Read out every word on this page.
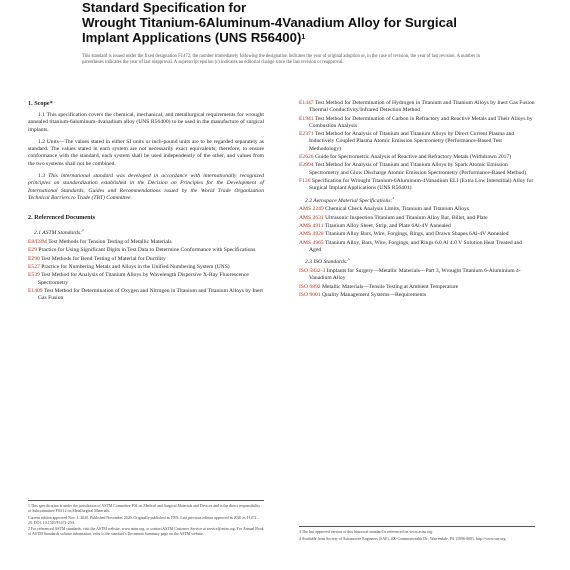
Standard Specification for
Wrought Titanium-6Aluminum-4Vanadium Alloy for Surgical
Implant Applications (UNS R56400)$^1$
This standard is issued under the fixed designation F1472; the number immediately following the designation indicates the year of original adoption or, in the case of revision, the year of last revision. A number in parentheses indicates the year of last reapproval. A superscript epsilon (ε) indicates an editorial change since the last revision or reapproval.
1. Scope*

1.1 This specification covers the chemical, mechanical, and metallurgical requirements for wrought annealed titanium-6aluminum-4vanadium alloy (UNS R56400) to be used in the manufacture of surgical implants.

1.2 Units—The values stated in either SI units or inch-pound units are to be regarded separately as standard. The values stated in each system are not necessarily exact equivalents; therefore, to ensure conformance with the standard, each system shall be used independently of the other, and values from the two systems shall not be combined.

1.3 This international standard was developed in accordance with internationally recognized principles on standardization established in the Decision on Principles for the Development of International Standards, Guides and Recommendations issued by the World Trade Organization Technical Barriers to Trade (TBT) Committee.

2. Referenced Documents
2.1 ASTM Standards:$^2$
E8/E8M Test Methods for Tension Testing of Metallic Materials
E29 Practice for Using Significant Digits in Test Data to Determine Conformance with Specifications
E290 Test Methods for Bend Testing of Material for Ductility
E527 Practice for Numbering Metals and Alloys in the Unified Numbering System (UNS)
E539 Test Method for Analysis of Titanium Alloys by Wavelength Dispersive X-Ray Fluorescence Spectrometry
E1409 Test Method for Determination of Oxygen and Nitrogen in Titanium and Titanium Alloys by Inert Gas Fusion
E1447 Test Method for Determination of Hydrogen in Titanium and Titanium Alloys by Inert Gas Fusion Thermal Conductivity/Infrared Detection Method
E1941 Test Method for Determination of Carbon in Refractory and Reactive Metals and Their Alloys by Combustion Analysis
E2371 Test Method for Analysis of Titanium and Titanium Alloys by Direct Current Plasma and Inductively Coupled Plasma Atomic Emission Spectrometry (Performance-Based Test Methodology)
E2626 Guide for Spectrometric Analysis of Reactive and Refractory Metals (Withdrawn 2017)
E2994 Test Method for Analysis of Titanium and Titanium Alloys by Spark Atomic Emission Spectrometry and Glow Discharge Atomic Emission Spectrometry (Performance-Based Method)
F136 Specification for Wrought Titanium-6Aluminum-4Vanadium ELI (Extra Low Interstitial) Alloy for Surgical Implant Applications (UNS R56401)
2.2 Aerospace Material Specifications:$^4$
AMS 2249 Chemical Check Analysis Limits, Titanium and Titanium Alloys
AMS 2631 Ultrasonic Inspection Titanium and Titanium Alloy Bar, Billet, and Plate
AMS 4911 Titanium Alloy Sheet, Strip, and Plate 6Al-4V Annealed
AMS 4928 Titanium Alloy Bars, Wire, Forgings, Rings, and Drawn Shapes 6Al-4V Annealed
AMS 4965 Titanium Alloy, Bars, Wire, Forgings, and Rings 6.0 Al 4.0 V Solution Heat Treated and Aged
2.3 ISO Standards:$^5$
ISO 5832-3 Implants for Surgery—Metallic Materials—Part 3, Wrought Titanium 6-Aluminium 4-Vanadium Alloy
ISO 6892 Metallic Materials—Tensile Testing at Ambient Temperature
ISO 9001 Quality Management Systems—Requirements
1 This specification is under the jurisdiction of ASTM Committee F04 on Medical and Surgical Materials and Devices and is the direct responsibility of Subcommittee F04.12 on Metallurgical Materials.
Current edition approved Nov. 1, 2020. Published November 2020. Originally published in 1993. Last previous edition approved in 2020 as F1472 – 20. DOI: 10.1520/F1472-20A.
2 For referenced ASTM standards, visit the ASTM website, www.astm.org, or contact ASTM Customer Service at service@astm.org. For Annual Book of ASTM Standards volume information, refer to the standard's Document Summary page on the ASTM website.	3 The last approved version of this historical standard is referenced on www.astm.org.
4 Available from Society of Automotive Engineers (SAE), 400 Commonwealth Dr., Warrendale, PA 15096-0001, http://www.sae.org.
